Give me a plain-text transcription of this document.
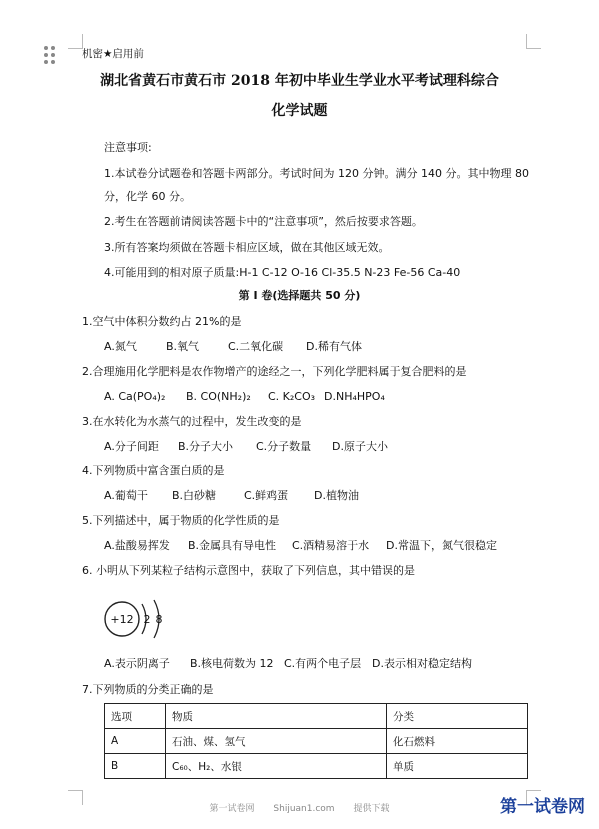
机密★启用前
湖北省黄石市黄石市 2018 年初中毕业生学业水平考试理科综合
化学试题
注意事项:
1.本试卷分试题卷和答题卡两部分。考试时间为 120 分钟。满分 140 分。其中物理 80
分，化学 60 分。
2.考生在答题前请阅读答题卡中的“注意事项”，然后按要求答题。
3.所有答案均须做在答题卡相应区域，做在其他区域无效。
4.可能用到的相对原子质量:H-1 C-12 O-16 Cl-35.5 N-23 Fe-56 Ca-40
第 I 卷(选择题共 50 分)
1.空气中体积分数约占 21%的是
A.氮气	B.氧气	C.二氧化碳 D.稀有气体
2.合理施用化学肥料是农作物增产的途经之一，下列化学肥料属于复合肥料的是
A. Ca(PO₄)₂ B. CO(NH₂)₂ C. K₂CO₃ D.NH₄HPO₄
3.在水转化为水蒸气的过程中，发生改变的是
A.分子间距 B.分子大小 C.分子数量 D.原子大小
4.下列物质中富含蛋白质的是
A.葡萄干 B.白砂糖	C.鲜鸡蛋 D.植物油
5.下列描述中，属于物质的化学性质的是
A.盐酸易挥发 B.金属具有导电性 C.酒精易溶于水 D.常温下，氮气很稳定
6. 小明从下列某粒子结构示意图中，获取了下列信息，其中错误的是
+12 2 8
A.表示阴离子 B.核电荷数为 12 C.有两个电子层 D.表示相对稳定结构
7.下列物质的分类正确的是
选项	物质	分类
A	石油、煤、氢气	化石燃料
B	C₆₀、H₂、水银	单质
第一试卷网 Shijuan1.com 提供下载	第一试卷网
